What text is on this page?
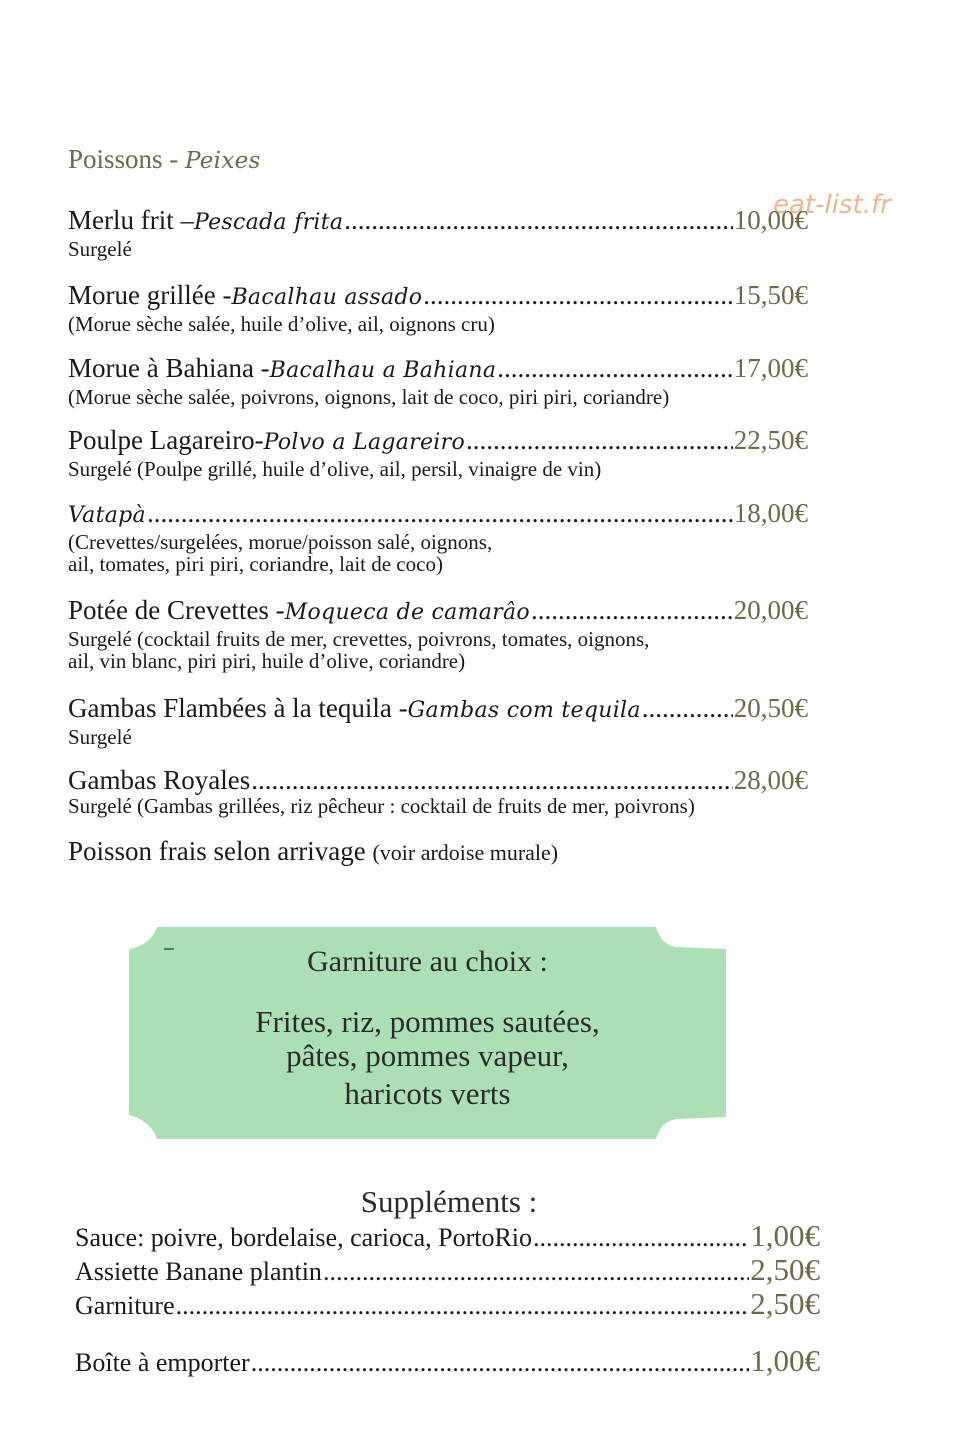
Poissons - Peixes
eat-list.fr
Merlu frit – Pescada frita .....	10,00€
Surgelé
Morue grillée - Bacalhau assado .....	15,50€
(Morue sèche salée, huile d’olive, ail, oignons cru)
Morue à Bahiana - Bacalhau a Bahiana .....	17,00€
(Morue sèche salée, poivrons, oignons, lait de coco, piri piri, coriandre)
Poulpe Lagareiro- Polvo a Lagareiro .....	22,50€
Surgelé (Poulpe grillé, huile d’olive, ail, persil, vinaigre de vin)
Vatapà .....	18,00€
(Crevettes/surgelées, morue/poisson salé, oignons,
ail, tomates, piri piri, coriandre, lait de coco)
Potée de Crevettes - Moqueca de camarâo .....	20,00€
Surgelé (cocktail fruits de mer, crevettes, poivrons, tomates, oignons,
ail, vin blanc, piri piri, huile d’olive, coriandre)
Gambas Flambées à la tequila - Gambas com tequila .....	20,50€
Surgelé
Gambas Royales .....	28,00€
Surgelé (Gambas grillées, riz pêcheur : cocktail de fruits de mer, poivrons)
Poisson frais selon arrivage (voir ardoise murale)
Garniture au choix :
Frites, riz, pommes sautées,
pâtes, pommes vapeur,
haricots verts
Suppléments :
Sauce: poivre, bordelaise, carioca, PortoRio .....	1,00€
Assiette Banane plantin .....	2,50€
Garniture .....	2,50€
Boîte à emporter .....	1,00€
